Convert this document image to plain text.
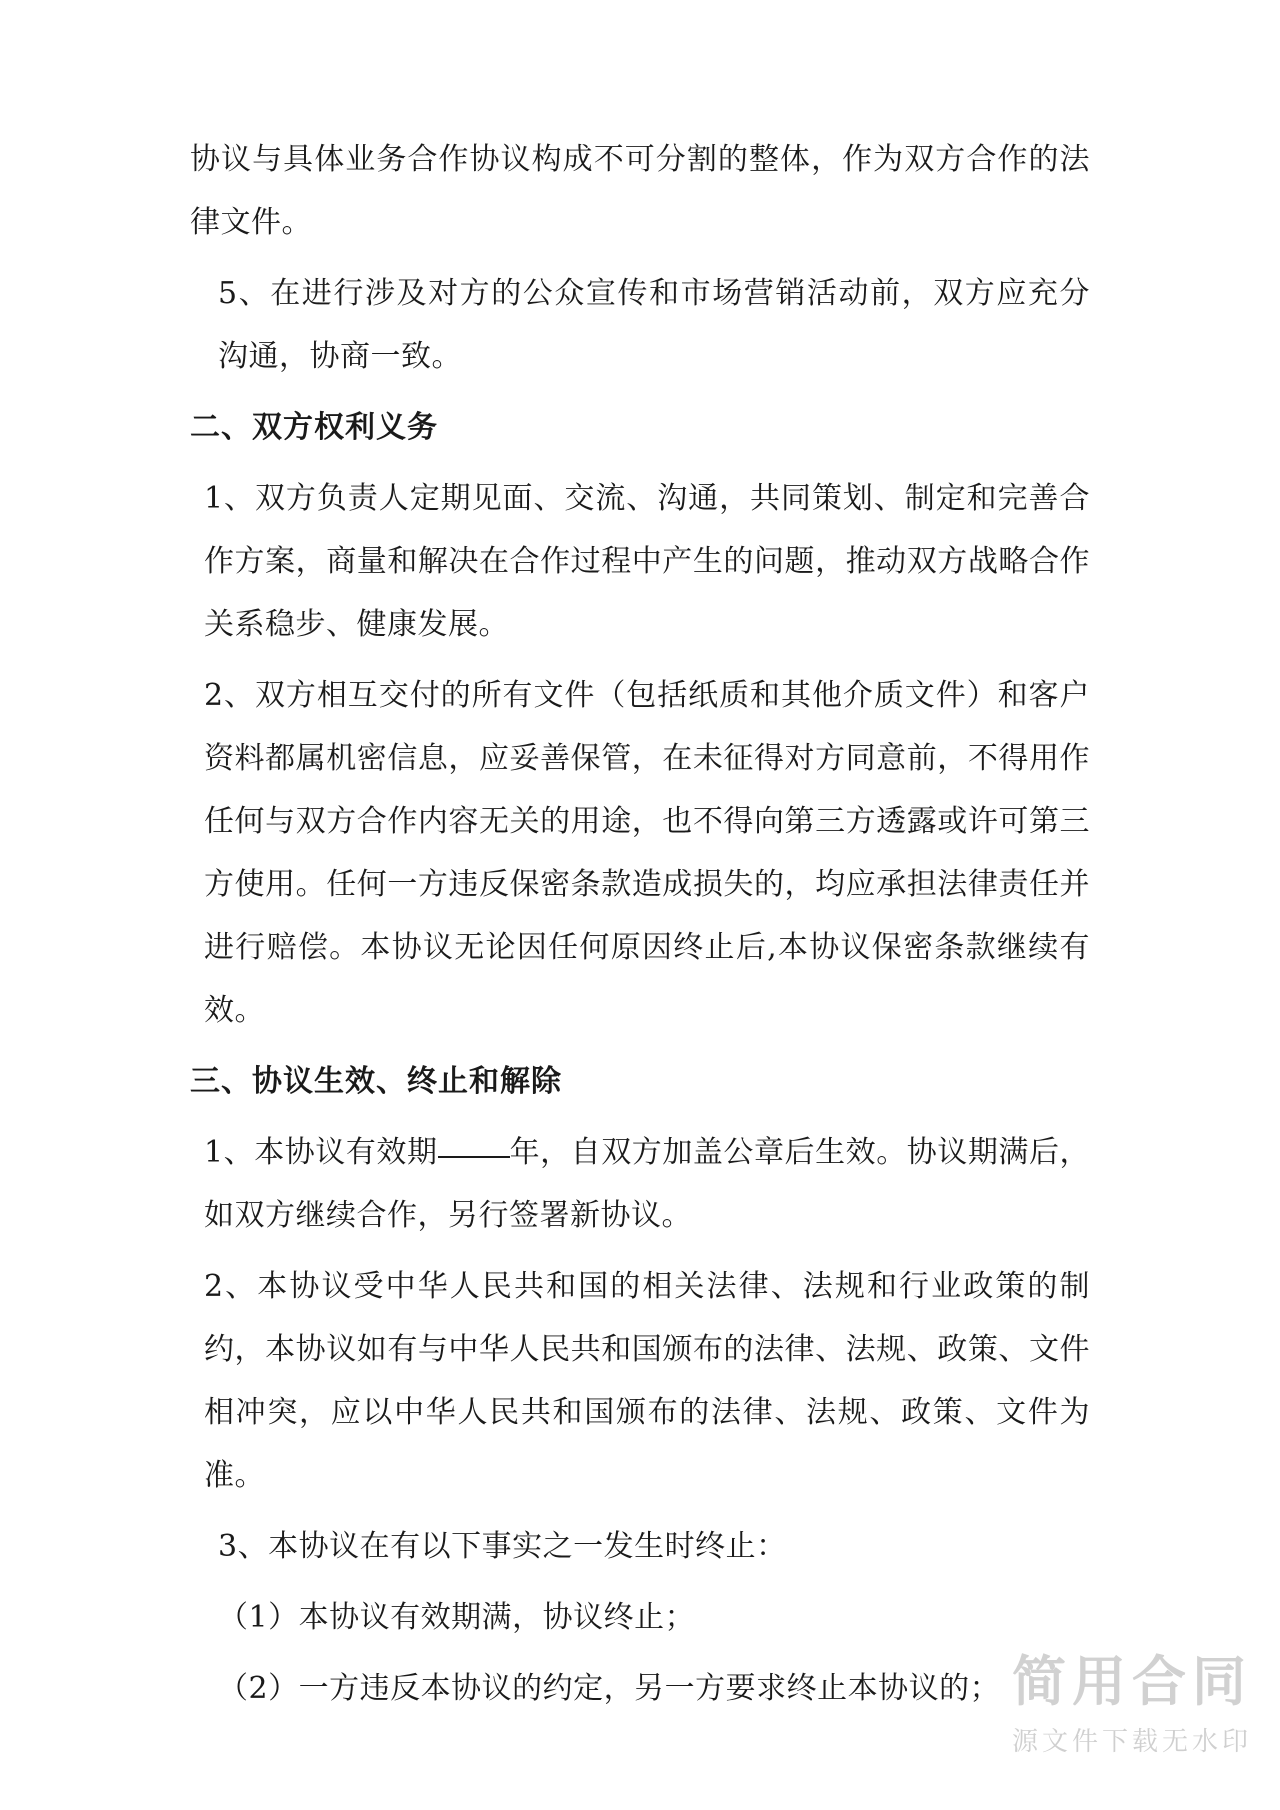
协议与具体业务合作协议构成不可分割的整体，作为双方合作的法律文件。

5、在进行涉及对方的公众宣传和市场营销活动前，双方应充分沟通，协商一致。

二、双方权利义务

1、双方负责人定期见面、交流、沟通，共同策划、制定和完善合作方案，商量和解决在合作过程中产生的问题，推动双方战略合作关系稳步、健康发展。

2、双方相互交付的所有文件（包括纸质和其他介质文件）和客户资料都属机密信息，应妥善保管，在未征得对方同意前，不得用作任何与双方合作内容无关的用途，也不得向第三方透露或许可第三方使用。任何一方违反保密条款造成损失的，均应承担法律责任并进行赔偿。本协议无论因任何原因终止后,本协议保密条款继续有效。

三、协议生效、终止和解除

1、本协议有效期 年，自双方加盖公章后生效。协议期满后，如双方继续合作，另行签署新协议。

2、本协议受中华人民共和国的相关法律、法规和行业政策的制约，本协议如有与中华人民共和国颁布的法律、法规、政策、文件相冲突，应以中华人民共和国颁布的法律、法规、政策、文件为准。

3、本协议在有以下事实之一发生时终止：

（1）本协议有效期满，协议终止；

（2）一方违反本协议的约定，另一方要求终止本协议的； 简用合同
源文件下载无水印
